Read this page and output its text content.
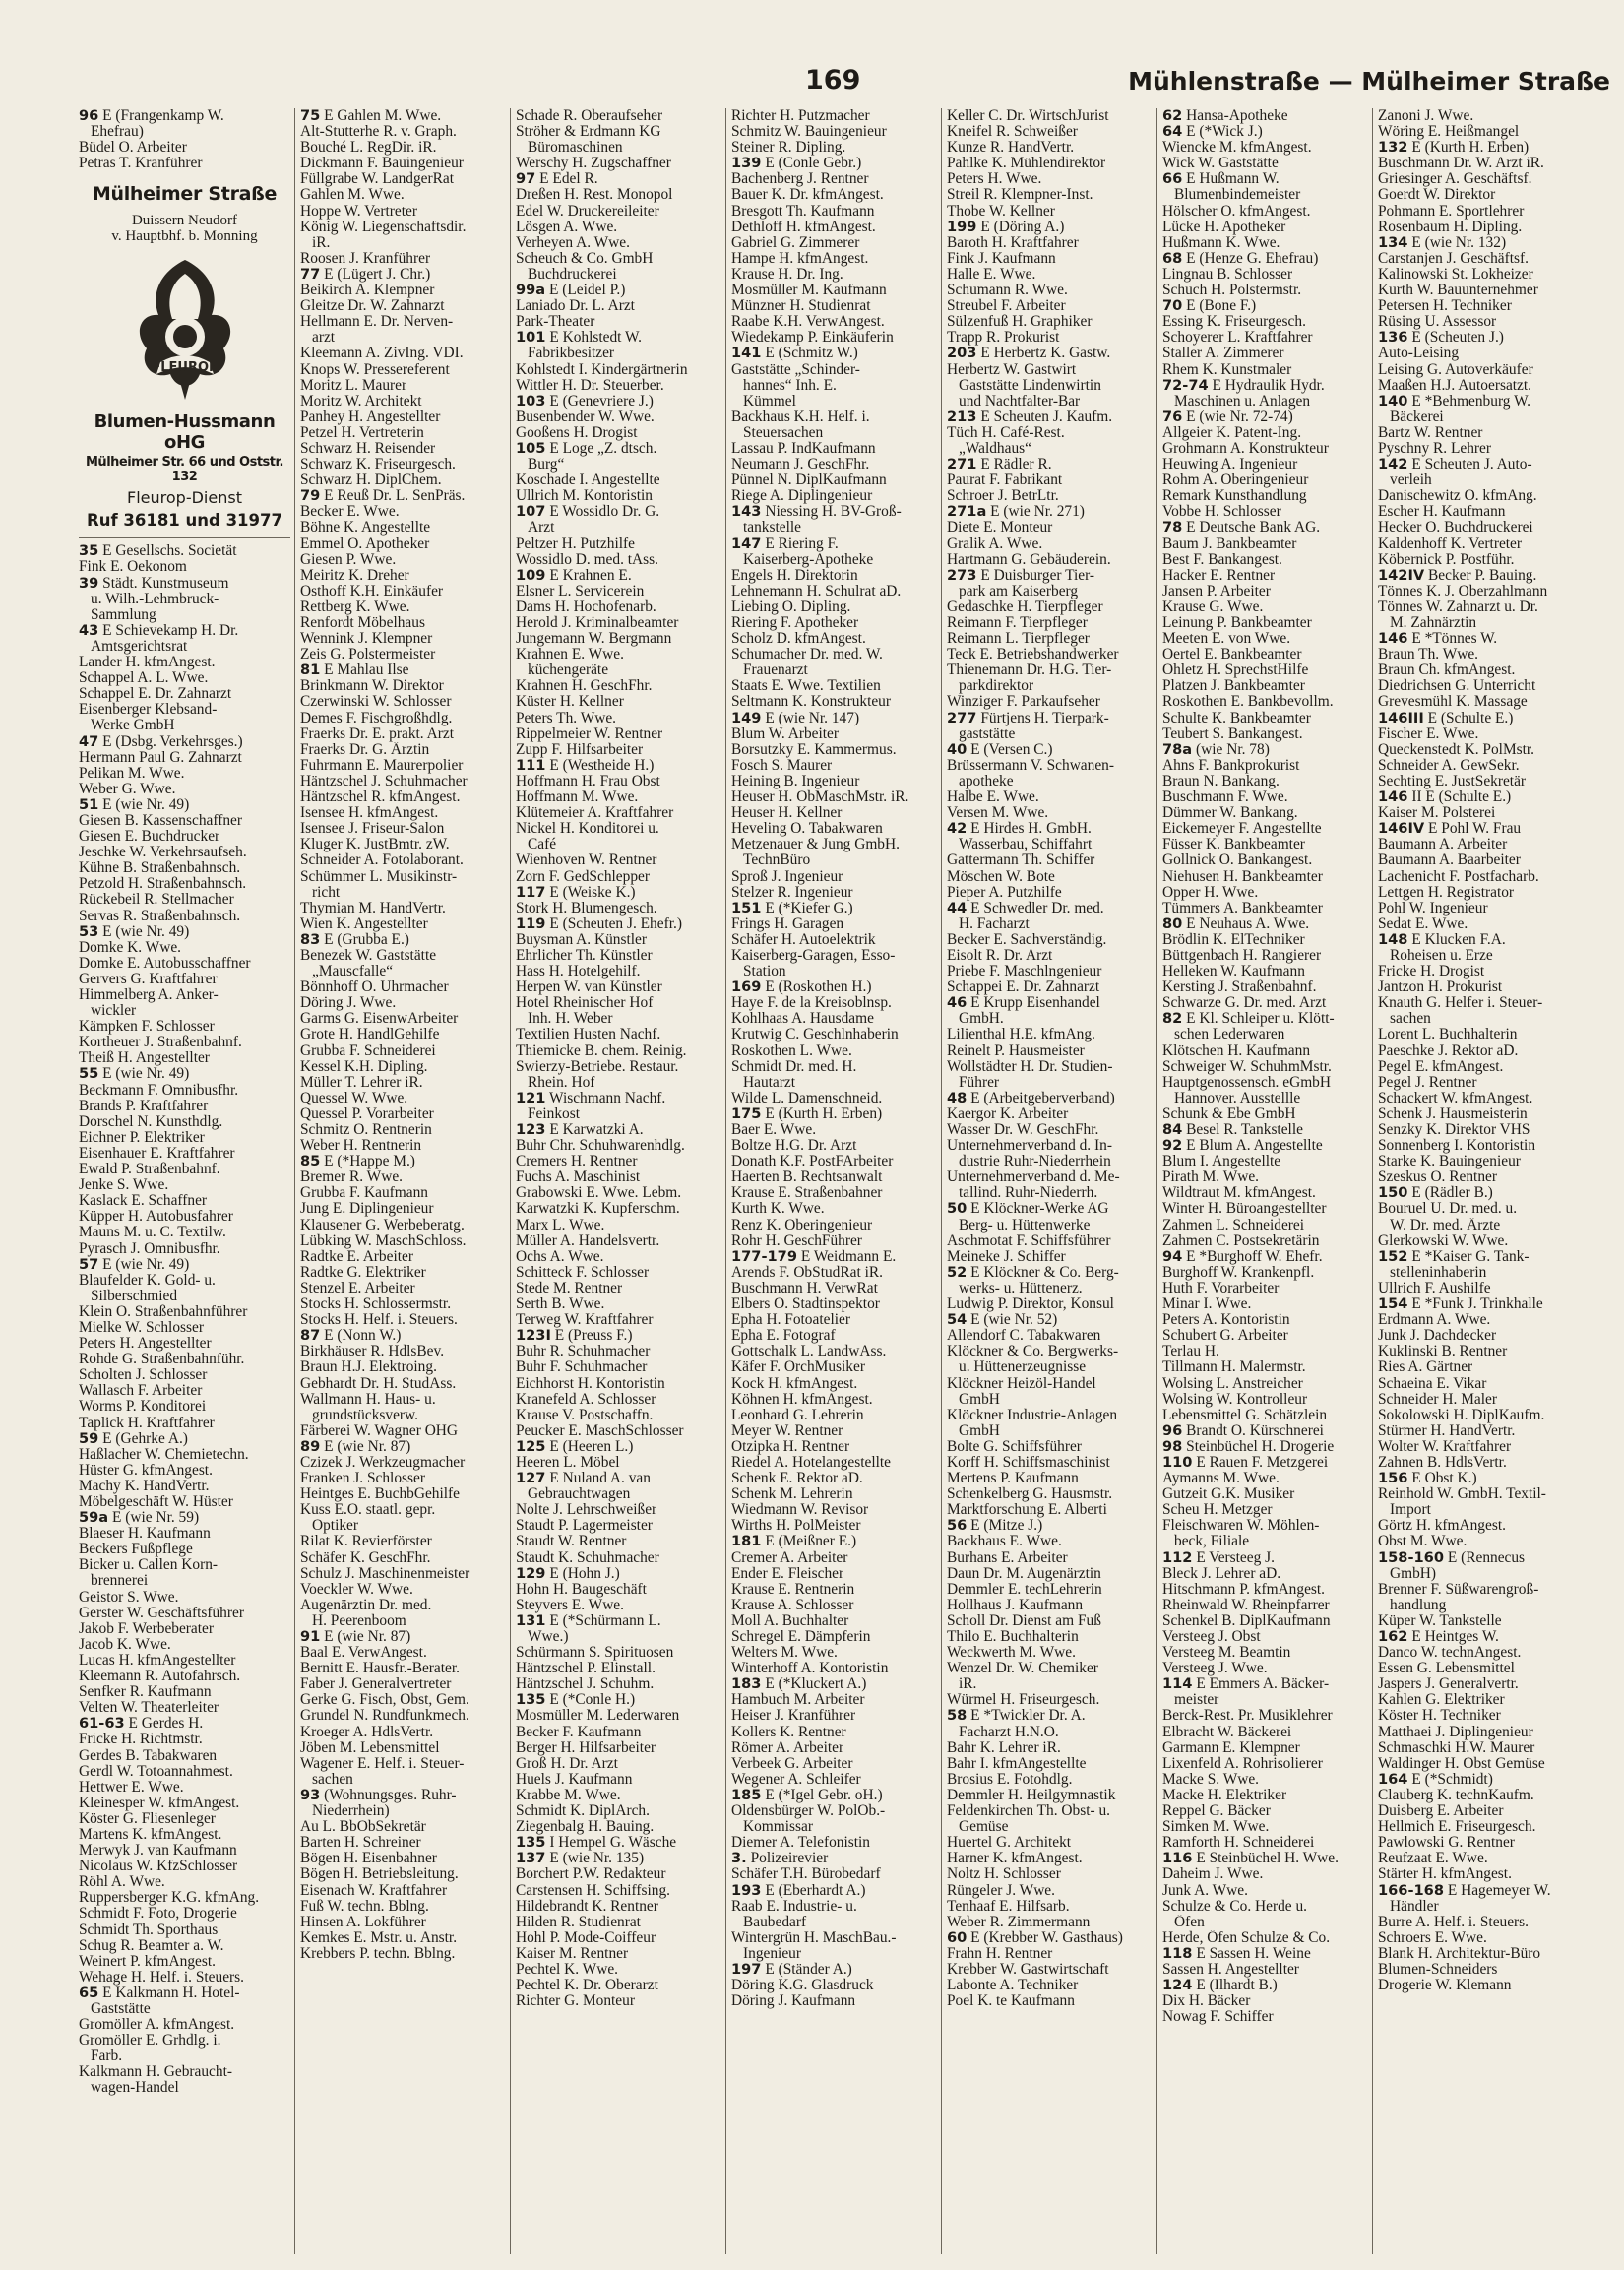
169	Mühlenstraße — Mülheimer Straße
96 E (Frangenkamp W.
Ehefrau)
Büdel O. Arbeiter
Petras T. Kranführer
Mülheimer Straße
Duissern Neudorf
v. Hauptbhf. b. Monning
FLEUROP
Blumen-Hussmann oHG
Mülheimer Str. 66 und Oststr. 132
Fleurop-Dienst
Ruf 36181 und 31977
35 E Gesellschs. Societät
Fink E. Oekonom
39 Städt. Kunstmuseum
u. Wilh.-Lehmbruck-
Sammlung
43 E Schievekamp H. Dr.
Amtsgerichtsrat
Lander H. kfmAngest.
Schappel A. L. Wwe.
Schappel E. Dr. Zahnarzt
Eisenberger Klebsand-
Werke GmbH
47 E (Dsbg. Verkehrsges.)
Hermann Paul G. Zahnarzt
Pelikan M. Wwe.
Weber G. Wwe.
51 E (wie Nr. 49)
Giesen B. Kassenschaffner
Giesen E. Buchdrucker
Jeschke W. Verkehrsaufseh.
Kühne B. Straßenbahnsch.
Petzold H. Straßenbahnsch.
Rückebeil R. Stellmacher
Servas R. Straßenbahnsch.
53 E (wie Nr. 49)
Domke K. Wwe.
Domke E. Autobusschaffner
Gervers G. Kraftfahrer
Himmelberg A. Anker-
wickler
Kämpken F. Schlosser
Kortheuer J. Straßenbahnf.
Theiß H. Angestellter
55 E (wie Nr. 49)
Beckmann F. Omnibusfhr.
Brands P. Kraftfahrer
Dorschel N. Kunsthdlg.
Eichner P. Elektriker
Eisenhauer E. Kraftfahrer
Ewald P. Straßenbahnf.
Jenke S. Wwe.
Kaslack E. Schaffner
Küpper H. Autobusfahrer
Mauns M. u. C. Textilw.
Pyrasch J. Omnibusfhr.
57 E (wie Nr. 49)
Blaufelder K. Gold- u.
Silberschmied
Klein O. Straßenbahnführer
Mielke W. Schlosser
Peters H. Angestellter
Rohde G. Straßenbahnführ.
Scholten J. Schlosser
Wallasch F. Arbeiter
Worms P. Konditorei
Taplick H. Kraftfahrer
59 E (Gehrke A.)
Haßlacher W. Chemietechn.
Hüster G. kfmAngest.
Machy K. HandVertr.
Möbelgeschäft W. Hüster
59a E (wie Nr. 59)
Blaeser H. Kaufmann
Beckers Fußpflege
Bicker u. Callen Korn-
brennerei
Geistor S. Wwe.
Gerster W. Geschäftsführer
Jakob F. Werbeberater
Jacob K. Wwe.
Lucas H. kfmAngestellter
Kleemann R. Autofahrsch.
Senfker R. Kaufmann
Velten W. Theaterleiter
61-63 E Gerdes H.
Fricke H. Richtmstr.
Gerdes B. Tabakwaren
Gerdl W. Totoannahmest.
Hettwer E. Wwe.
Kleinesper W. kfmAngest.
Köster G. Fliesenleger
Martens K. kfmAngest.
Merwyk J. van Kaufmann
Nicolaus W. KfzSchlosser
Röhl A. Wwe.
Ruppersberger K.G. kfmAng.
Schmidt F. Foto, Drogerie
Schmidt Th. Sporthaus
Schug R. Beamter a. W.
Weinert P. kfmAngest.
Wehage H. Helf. i. Steuers.
65 E Kalkmann H. Hotel-
Gaststätte
Gromöller A. kfmAngest.
Gromöller E. Grhdlg. i.
Farb.
Kalkmann H. Gebraucht-
wagen-Handel
75 E Gahlen M. Wwe.
Alt-Stutterhe R. v. Graph.
Bouché L. RegDir. iR.
Dickmann F. Bauingenieur
Füllgrabe W. LandgerRat
Gahlen M. Wwe.
Hoppe W. Vertreter
König W. Liegenschaftsdir.
iR.
Roosen J. Kranführer
77 E (Lügert J. Chr.)
Beikirch A. Klempner
Gleitze Dr. W. Zahnarzt
Hellmann E. Dr. Nerven-
arzt
Kleemann A. ZivIng. VDI.
Knops W. Pressereferent
Moritz L. Maurer
Moritz W. Architekt
Panhey H. Angestellter
Petzel H. Vertreterin
Schwarz H. Reisender
Schwarz K. Friseurgesch.
Schwarz H. DiplChem.
79 E Reuß Dr. L. SenPräs.
Becker E. Wwe.
Böhne K. Angestellte
Emmel O. Apotheker
Giesen P. Wwe.
Meiritz K. Dreher
Osthoff K.H. Einkäufer
Rettberg K. Wwe.
Renfordt Möbelhaus
Wennink J. Klempner
Zeis G. Polstermeister
81 E Mahlau Ilse
Brinkmann W. Direktor
Czerwinski W. Schlosser
Demes F. Fischgroßhdlg.
Fraerks Dr. E. prakt. Arzt
Fraerks Dr. G. Ärztin
Fuhrmann E. Maurerpolier
Häntzschel J. Schuhmacher
Häntzschel R. kfmAngest.
Isensee H. kfmAngest.
Isensee J. Friseur-Salon
Kluger K. JustBmtr. zW.
Schneider A. Fotolaborant.
Schümmer L. Musikinstr-
richt
Thymian M. HandVertr.
Wien K. Angestellter
83 E (Grubba E.)
Benezek W. Gaststätte
„Mauscfalle“
Bönnhoff O. Uhrmacher
Döring J. Wwe.
Garms G. EisenwArbeiter
Grote H. HandlGehilfe
Grubba F. Schneiderei
Kessel K.H. Dipling.
Müller T. Lehrer iR.
Quessel W. Wwe.
Quessel P. Vorarbeiter
Schmitz O. Rentnerin
Weber H. Rentnerin
85 E (*Happe M.)
Bremer R. Wwe.
Grubba F. Kaufmann
Jung E. Diplingenieur
Klausener G. Werbeberatg.
Lübking W. MaschSchloss.
Radtke E. Arbeiter
Radtke G. Elektriker
Stenzel E. Arbeiter
Stocks H. Schlossermstr.
Stocks H. Helf. i. Steuers.
87 E (Nonn W.)
Birkhäuser R. HdlsBev.
Braun H.J. Elektroing.
Gebhardt Dr. H. StudAss.
Wallmann H. Haus- u.
grundstücksverw.
Färberei W. Wagner OHG
89 E (wie Nr. 87)
Czizek J. Werkzeugmacher
Franken J. Schlosser
Heintges E. BuchbGehilfe
Kuss E.O. staatl. gepr.
Optiker
Rilat K. Revierförster
Schäfer K. GeschFhr.
Schulz J. Maschinenmeister
Voeckler W. Wwe.
Augenärztin Dr. med.
H. Peerenboom
91 E (wie Nr. 87)
Baal E. VerwAngest.
Bernitt E. Hausfr.-Berater.
Faber J. Generalvertreter
Gerke G. Fisch, Obst, Gem.
Grundel N. Rundfunkmech.
Kroeger A. HdlsVertr.
Jöben M. Lebensmittel
Wagener E. Helf. i. Steuer-
sachen
93 (Wohnungsges. Ruhr-
Niederrhein)
Au L. BbObSekretär
Barten H. Schreiner
Bögen H. Eisenbahner
Bögen H. Betriebsleitung.
Eisenach W. Kraftfahrer
Fuß W. techn. Bblng.
Hinsen A. Lokführer
Kemkes E. Mstr. u. Anstr.
Krebbers P. techn. Bblng.
Schade R. Oberaufseher
Ströher & Erdmann KG
Büromaschinen
Werschy H. Zugschaffner
97 E Edel R.
Dreßen H. Rest. Monopol
Edel W. Druckereileiter
Lösgen A. Wwe.
Verheyen A. Wwe.
Scheuch & Co. GmbH
Buchdruckerei
99a E (Leidel P.)
Laniado Dr. L. Arzt
Park-Theater
101 E Kohlstedt W.
Fabrikbesitzer
Kohlstedt I. Kindergärtnerin
Wittler H. Dr. Steuerber.
103 E (Genevriere J.)
Busenbender W. Wwe.
Gooßens H. Drogist
105 E Loge „Z. dtsch.
Burg“
Koschade I. Angestellte
Ullrich M. Kontoristin
107 E Wossidlo Dr. G.
Arzt
Peltzer H. Putzhilfe
Wossidlo D. med. tAss.
109 E Krahnen E.
Elsner L. Servicerein
Dams H. Hochofenarb.
Herold J. Kriminalbeamter
Jungemann W. Bergmann
Krahnen E. Wwe.
küchengeräte
Krahnen H. GeschFhr.
Küster H. Kellner
Peters Th. Wwe.
Rippelmeier W. Rentner
Zupp F. Hilfsarbeiter
111 E (Westheide H.)
Hoffmann H. Frau Obst
Hoffmann M. Wwe.
Klütemeier A. Kraftfahrer
Nickel H. Konditorei u.
Café
Wienhoven W. Rentner
Zorn F. GedSchlepper
117 E (Weiske K.)
Stork H. Blumengesch.
119 E (Scheuten J. Ehefr.)
Buysman A. Künstler
Ehrlicher Th. Künstler
Hass H. Hotelgehilf.
Herpen W. van Künstler
Hotel Rheinischer Hof
Inh. H. Weber
Textilien Husten Nachf.
Thiemicke B. chem. Reinig.
Swierzy-Betriebe. Restaur.
Rhein. Hof
121 Wischmann Nachf.
Feinkost
123 E Karwatzki A.
Buhr Chr. Schuhwarenhdlg.
Cremers H. Rentner
Fuchs A. Maschinist
Grabowski E. Wwe. Lebm.
Karwatzki K. Kupferschm.
Marx L. Wwe.
Müller A. Handelsvertr.
Ochs A. Wwe.
Schitteck F. Schlosser
Stede M. Rentner
Serth B. Wwe.
Terweg W. Kraftfahrer
123I E (Preuss F.)
Buhr R. Schuhmacher
Buhr F. Schuhmacher
Eichhorst H. Kontoristin
Kranefeld A. Schlosser
Krause V. Postschaffn.
Peucker E. MaschSchlosser
125 E (Heeren L.)
Heeren L. Möbel
127 E Nuland A. van
Gebrauchtwagen
Nolte J. Lehrschweißer
Staudt P. Lagermeister
Staudt W. Rentner
Staudt K. Schuhmacher
129 E (Hohn J.)
Hohn H. Baugeschäft
Steyvers E. Wwe.
131 E (*Schürmann L.
Wwe.)
Schürmann S. Spirituosen
Häntzschel P. Elinstall.
Häntzschel J. Schuhm.
135 E (*Conle H.)
Mosmüller M. Lederwaren
Becker F. Kaufmann
Berger H. Hilfsarbeiter
Groß H. Dr. Arzt
Huels J. Kaufmann
Krabbe M. Wwe.
Schmidt K. DiplArch.
Ziegenbalg H. Bauing.
135 I Hempel G. Wäsche
137 E (wie Nr. 135)
Borchert P.W. Redakteur
Carstensen H. Schiffsing.
Hildebrandt K. Rentner
Hilden R. Studienrat
Hohl P. Mode-Coiffeur
Kaiser M. Rentner
Pechtel K. Wwe.
Pechtel K. Dr. Oberarzt
Richter G. Monteur
Richter H. Putzmacher
Schmitz W. Bauingenieur
Steiner R. Dipling.
139 E (Conle Gebr.)
Bachenberg J. Rentner
Bauer K. Dr. kfmAngest.
Bresgott Th. Kaufmann
Dethloff H. kfmAngest.
Gabriel G. Zimmerer
Hampe H. kfmAngest.
Krause H. Dr. Ing.
Mosmüller M. Kaufmann
Münzner H. Studienrat
Raabe K.H. VerwAngest.
Wiedekamp P. Einkäuferin
141 E (Schmitz W.)
Gaststätte „Schinder-
hannes“ Inh. E.
Kümmel
Backhaus K.H. Helf. i.
Steuersachen
Lassau P. IndKaufmann
Neumann J. GeschFhr.
Pünnel N. DiplKaufmann
Riege A. Diplingenieur
143 Niessing H. BV-Groß-
tankstelle
147 E Riering F.
Kaiserberg-Apotheke
Engels H. Direktorin
Lehnemann H. Schulrat aD.
Liebing O. Dipling.
Riering F. Apotheker
Scholz D. kfmAngest.
Schumacher Dr. med. W.
Frauenarzt
Staats E. Wwe. Textilien
Seltmann K. Konstrukteur
149 E (wie Nr. 147)
Blum W. Arbeiter
Borsutzky E. Kammermus.
Fosch S. Maurer
Heining B. Ingenieur
Heuser H. ObMaschMstr. iR.
Heuser H. Kellner
Heveling O. Tabakwaren
Metzenauer & Jung GmbH.
TechnBüro
Sproß J. Ingenieur
Stelzer R. Ingenieur
151 E (*Kiefer G.)
Frings H. Garagen
Schäfer H. Autoelektrik
Kaiserberg-Garagen, Esso-
Station
169 E (Roskothen H.)
Haye F. de la Kreisoblnsp.
Kohlhaas A. Hausdame
Krutwig C. Geschlnhaberin
Roskothen L. Wwe.
Schmidt Dr. med. H.
Hautarzt
Wilde L. Damenschneid.
175 E (Kurth H. Erben)
Baer E. Wwe.
Boltze H.G. Dr. Arzt
Donath K.F. PostFArbeiter
Haerten B. Rechtsanwalt
Krause E. Straßenbahner
Kurth K. Wwe.
Renz K. Oberingenieur
Rohr H. GeschFührer
177-179 E Weidmann E.
Arends F. ObStudRat iR.
Buschmann H. VerwRat
Elbers O. Stadtinspektor
Epha H. Fotoatelier
Epha E. Fotograf
Gottschalk L. LandwAss.
Käfer F. OrchMusiker
Kock H. kfmAngest.
Köhnen H. kfmAngest.
Leonhard G. Lehrerin
Meyer W. Rentner
Otzipka H. Rentner
Riedel A. Hotelangestellte
Schenk E. Rektor aD.
Schenk M. Lehrerin
Wiedmann W. Revisor
Wirths H. PolMeister
181 E (Meißner E.)
Cremer A. Arbeiter
Ender E. Fleischer
Krause E. Rentnerin
Krause A. Schlosser
Moll A. Buchhalter
Schregel E. Dämpferin
Welters M. Wwe.
Winterhoff A. Kontoristin
183 E (*Kluckert A.)
Hambuch M. Arbeiter
Heiser J. Kranführer
Kollers K. Rentner
Römer A. Arbeiter
Verbeek G. Arbeiter
Wegener A. Schleifer
185 E (*Igel Gebr. oH.)
Oldensbürger W. PolOb.-
Kommissar
Diemer A. Telefonistin
3. Polizeirevier
Schäfer T.H. Bürobedarf
193 E (Eberhardt A.)
Raab E. Industrie- u.
Baubedarf
Wintergrün H. MaschBau.-
Ingenieur
197 E (Ständer A.)
Döring K.G. Glasdruck
Döring J. Kaufmann
Keller C. Dr. WirtschJurist
Kneifel R. Schweißer
Kunze R. HandVertr.
Pahlke K. Mühlendirektor
Peters H. Wwe.
Streil R. Klempner-Inst.
Thobe W. Kellner
199 E (Döring A.)
Baroth H. Kraftfahrer
Fink J. Kaufmann
Halle E. Wwe.
Schumann R. Wwe.
Streubel F. Arbeiter
Sülzenfuß H. Graphiker
Trapp R. Prokurist
203 E Herbertz K. Gastw.
Herbertz W. Gastwirt
Gaststätte Lindenwirtin
und Nachtfalter-Bar
213 E Scheuten J. Kaufm.
Tüch H. Café-Rest.
„Waldhaus“
271 E Rädler R.
Paurat F. Fabrikant
Schroer J. BetrLtr.
271a E (wie Nr. 271)
Diete E. Monteur
Gralik A. Wwe.
Hartmann G. Gebäuderein.
273 E Duisburger Tier-
park am Kaiserberg
Gedaschke H. Tierpfleger
Reimann F. Tierpfleger
Reimann L. Tierpfleger
Teck E. Betriebshandwerker
Thienemann Dr. H.G. Tier-
parkdirektor
Winziger F. Parkaufseher
277 Fürtjens H. Tierpark-
gaststätte
40 E (Versen C.)
Brüssermann V. Schwanen-
apotheke
Halbe E. Wwe.
Versen M. Wwe.
42 E Hirdes H. GmbH.
Wasserbau, Schiffahrt
Gattermann Th. Schiffer
Möschen W. Bote
Pieper A. Putzhilfe
44 E Schwedler Dr. med.
H. Facharzt
Becker E. Sachverständig.
Eisolt R. Dr. Arzt
Priebe F. Maschlngenieur
Schappei E. Dr. Zahnarzt
46 E Krupp Eisenhandel
GmbH.
Lilienthal H.E. kfmAng.
Reinelt P. Hausmeister
Wollstädter H. Dr. Studien-
Führer
48 E (Arbeitgeberverband)
Kaergor K. Arbeiter
Wasser Dr. W. GeschFhr.
Unternehmerverband d. In-
dustrie Ruhr-Niederrhein
Unternehmerverband d. Me-
tallind. Ruhr-Niederrh.
50 E Klöckner-Werke AG
Berg- u. Hüttenwerke
Aschmotat F. Schiffsführer
Meineke J. Schiffer
52 E Klöckner & Co. Berg-
werks- u. Hüttenerz.
Ludwig P. Direktor, Konsul
54 E (wie Nr. 52)
Allendorf C. Tabakwaren
Klöckner & Co. Bergwerks-
u. Hüttenerzeugnisse
Klöckner Heizöl-Handel
GmbH
Klöckner Industrie-Anlagen
GmbH
Bolte G. Schiffsführer
Korff H. Schiffsmaschinist
Mertens P. Kaufmann
Schenkelberg G. Hausmstr.
Marktforschung E. Alberti
56 E (Mitze J.)
Backhaus E. Wwe.
Burhans E. Arbeiter
Daun Dr. M. Augenärztin
Demmler E. techLehrerin
Hollhaus J. Kaufmann
Scholl Dr. Dienst am Fuß
Thilo E. Buchhalterin
Weckwerth M. Wwe.
Wenzel Dr. W. Chemiker
iR.
Würmel H. Friseurgesch.
58 E *Twickler Dr. A.
Facharzt H.N.O.
Bahr K. Lehrer iR.
Bahr I. kfmAngestellte
Brosius E. Fotohdlg.
Demmler H. Heilgymnastik
Feldenkirchen Th. Obst- u.
Gemüse
Huertel G. Architekt
Harner K. kfmAngest.
Noltz H. Schlosser
Rüngeler J. Wwe.
Tenhaaf E. Hilfsarb.
Weber R. Zimmermann
60 E (Krebber W. Gasthaus)
Frahn H. Rentner
Krebber W. Gastwirtschaft
Labonte A. Techniker
Poel K. te Kaufmann
62 Hansa-Apotheke
64 E (*Wick J.)
Wiencke M. kfmAngest.
Wick W. Gaststätte
66 E Hußmann W.
Blumenbindemeister
Hölscher O. kfmAngest.
Lücke H. Apotheker
Hußmann K. Wwe.
68 E (Henze G. Ehefrau)
Lingnau B. Schlosser
Schuch H. Polstermstr.
70 E (Bone F.)
Essing K. Friseurgesch.
Schoyerer L. Kraftfahrer
Staller A. Zimmerer
Rhem K. Kunstmaler
72-74 E Hydraulik Hydr.
Maschinen u. Anlagen
76 E (wie Nr. 72-74)
Allgeier K. Patent-Ing.
Grohmann A. Konstrukteur
Heuwing A. Ingenieur
Rohm A. Oberingenieur
Remark Kunsthandlung
Vobbe H. Schlosser
78 E Deutsche Bank AG.
Baum J. Bankbeamter
Best F. Bankangest.
Hacker E. Rentner
Jansen P. Arbeiter
Krause G. Wwe.
Leinung P. Bankbeamter
Meeten E. von Wwe.
Oertel E. Bankbeamter
Ohletz H. SprechstHilfe
Platzen J. Bankbeamter
Roskothen E. Bankbevollm.
Schulte K. Bankbeamter
Teubert S. Bankangest.
78a (wie Nr. 78)
Ahns F. Bankprokurist
Braun N. Bankang.
Buschmann F. Wwe.
Dümmer W. Bankang.
Eickemeyer F. Angestellte
Füsser K. Bankbeamter
Gollnick O. Bankangest.
Niehusen H. Bankbeamter
Opper H. Wwe.
Tümmers A. Bankbeamter
80 E Neuhaus A. Wwe.
Brödlin K. ElTechniker
Büttgenbach H. Rangierer
Helleken W. Kaufmann
Kersting J. Straßenbahnf.
Schwarze G. Dr. med. Arzt
82 E Kl. Schleiper u. Klött-
schen Lederwaren
Klötschen H. Kaufmann
Schweiger W. SchuhmMstr.
Hauptgenossensch. eGmbH
Hannover. Ausstellle
Schunk & Ebe GmbH
84 Besel R. Tankstelle
92 E Blum A. Angestellte
Blum I. Angestellte
Pirath M. Wwe.
Wildtraut M. kfmAngest.
Winter H. Büroangestellter
Zahmen L. Schneiderei
Zahmen C. Postsekretärin
94 E *Burghoff W. Ehefr.
Burghoff W. Krankenpfl.
Huth F. Vorarbeiter
Minar I. Wwe.
Peters A. Kontoristin
Schubert G. Arbeiter
Terlau H.
Tillmann H. Malermstr.
Wolsing L. Anstreicher
Wolsing W. Kontrolleur
Lebensmittel G. Schätzlein
96 Brandt O. Kürschnerei
98 Steinbüchel H. Drogerie
110 E Rauen F. Metzgerei
Aymanns M. Wwe.
Gutzeit G.K. Musiker
Scheu H. Metzger
Fleischwaren W. Möhlen-
beck, Filiale
112 E Versteeg J.
Bleck J. Lehrer aD.
Hitschmann P. kfmAngest.
Rheinwald W. Rheinpfarrer
Schenkel B. DiplKaufmann
Versteeg J. Obst
Versteeg M. Beamtin
Versteeg J. Wwe.
114 E Emmers A. Bäcker-
meister
Berck-Rest. Pr. Musiklehrer
Elbracht W. Bäckerei
Garmann E. Klempner
Lixenfeld A. Rohrisolierer
Macke S. Wwe.
Macke H. Elektriker
Reppel G. Bäcker
Simken M. Wwe.
Ramforth H. Schneiderei
116 E Steinbüchel H. Wwe.
Daheim J. Wwe.
Junk A. Wwe.
Schulze & Co. Herde u.
Öfen
Herde, Öfen Schulze & Co.
118 E Sassen H. Weine
Sassen H. Angestellter
124 E (Ilhardt B.)
Dix H. Bäcker
Nowag F. Schiffer
Zanoni J. Wwe.
Wöring E. Heißmangel
132 E (Kurth H. Erben)
Buschmann Dr. W. Arzt iR.
Griesinger A. Geschäftsf.
Goerdt W. Direktor
Pohmann E. Sportlehrer
Rosenbaum H. Dipling.
134 E (wie Nr. 132)
Carstanjen J. Geschäftsf.
Kalinowski St. Lokheizer
Kurth W. Bauunternehmer
Petersen H. Techniker
Rüsing U. Assessor
136 E (Scheuten J.)
Auto-Leising
Leising G. Autoverkäufer
Maaßen H.J. Autoersatzt.
140 E *Behmenburg W.
Bäckerei
Bartz W. Rentner
Pyschny R. Lehrer
142 E Scheuten J. Auto-
verleih
Danischewitz O. kfmAng.
Escher H. Kaufmann
Hecker O. Buchdruckerei
Kaldenhoff K. Vertreter
Köbernick P. Postführ.
142IV Becker P. Bauing.
Tönnes K. J. Oberzahlmann
Tönnes W. Zahnarzt u. Dr.
M. Zahnärztin
146 E *Tönnes W.
Braun Th. Wwe.
Braun Ch. kfmAngest.
Diedrichsen G. Unterricht
Grevesmühl K. Massage
146III E (Schulte E.)
Fischer E. Wwe.
Queckenstedt K. PolMstr.
Schneider A. GewSekr.
Sechting E. JustSekretär
146 II E (Schulte E.)
Kaiser M. Polsterei
146IV E Pohl W. Frau
Baumann A. Arbeiter
Baumann A. Baarbeiter
Lachenicht F. Postfacharb.
Lettgen H. Registrator
Pohl W. Ingenieur
Sedat E. Wwe.
148 E Klucken F.A.
Roheisen u. Erze
Fricke H. Drogist
Jantzon H. Prokurist
Knauth G. Helfer i. Steuer-
sachen
Lorent L. Buchhalterin
Paeschke J. Rektor aD.
Pegel E. kfmAngest.
Pegel J. Rentner
Schackert W. kfmAngest.
Schenk J. Hausmeisterin
Senzky K. Direktor VHS
Sonnenberg I. Kontoristin
Starke K. Bauingenieur
Szeskus O. Rentner
150 E (Rädler B.)
Bouruel U. Dr. med. u.
W. Dr. med. Ärzte
Glerkowski W. Wwe.
152 E *Kaiser G. Tank-
stelleninhaberin
Ullrich F. Aushilfe
154 E *Funk J. Trinkhalle
Erdmann A. Wwe.
Junk J. Dachdecker
Kuklinski B. Rentner
Ries A. Gärtner
Schaeina E. Vikar
Schneider H. Maler
Sokolowski H. DiplKaufm.
Stürmer H. HandVertr.
Wolter W. Kraftfahrer
Zahnen B. HdlsVertr.
156 E Obst K.)
Reinhold W. GmbH. Textil-
Import
Görtz H. kfmAngest.
Obst M. Wwe.
158-160 E (Rennecus
GmbH)
Brenner F. Süßwarengroß-
handlung
Küper W. Tankstelle
162 E Heintges W.
Danco W. technAngest.
Essen G. Lebensmittel
Jaspers J. Generalvertr.
Kahlen G. Elektriker
Köster H. Techniker
Matthaei J. Diplingenieur
Schmaschki H.W. Maurer
Waldinger H. Obst Gemüse
164 E (*Schmidt)
Clauberg K. technKaufm.
Duisberg E. Arbeiter
Hellmich E. Friseurgesch.
Pawlowski G. Rentner
Reufzaat E. Wwe.
Stärter H. kfmAngest.
166-168 E Hagemeyer W.
Händler
Burre A. Helf. i. Steuers.
Schroers E. Wwe.
Blank H. Architektur-Büro
Blumen-Schneiders
Drogerie W. Klemann
